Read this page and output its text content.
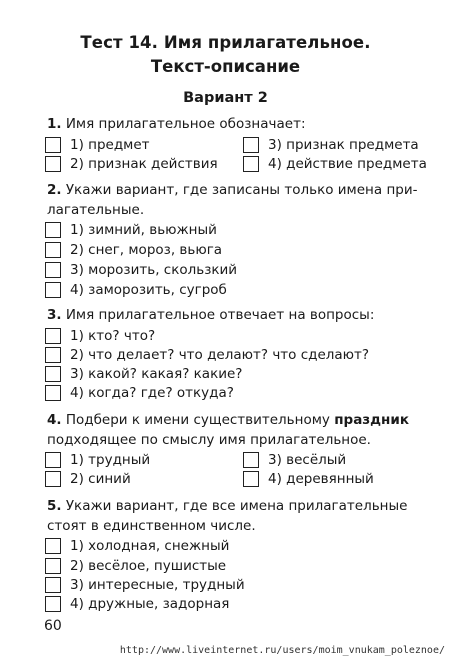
Тест 14. Имя прилагательное.
Текст-описание
Вариант 2
1. Имя прилагательное обозначает:
1) предмет	3) признак предмета
2) признак действия	4) действие предмета
2. Укажи вариант, где записаны только имена при-
лагательные.
1) зимний, вьюжный
2) снег, мороз, вьюга
3) морозить, скользкий
4) заморозить, сугроб
3. Имя прилагательное отвечает на вопросы:
1) кто? что?
2) что делает? что делают? что сделают?
3) какой? какая? какие?
4) когда? где? откуда?
4. Подбери к имени существительному праздник
подходящее по смыслу имя прилагательное.
1) трудный	3) весёлый
2) синий	4) деревянный
5. Укажи вариант, где все имена прилагательные
стоят в единственном числе.
1) холодная, снежный
2) весёлое, пушистые
3) интересные, трудный
4) дружные, задорная
60
http://www.liveinternet.ru/users/moim_vnukam_poleznoe/
